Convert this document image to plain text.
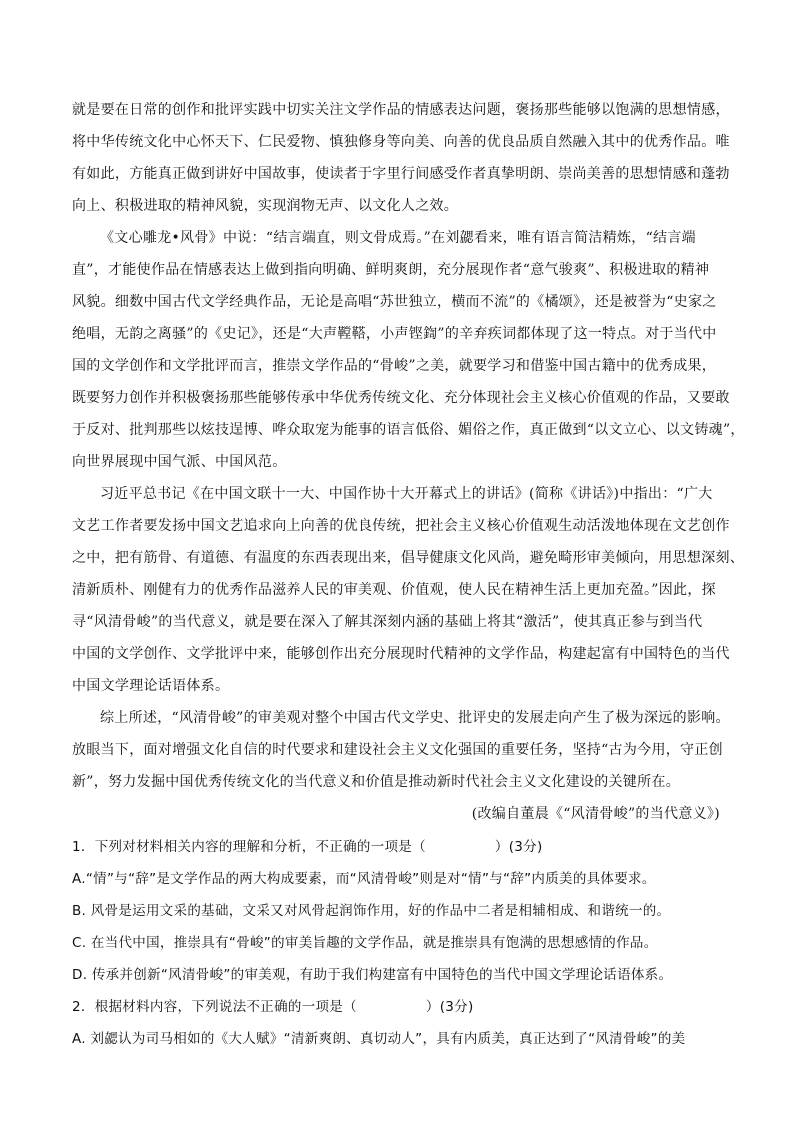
就是要在日常的创作和批评实践中切实关注文学作品的情感表达问题，褒扬那些能够以饱满的思想情感，
将中华传统文化中心怀天下、仁民爱物、慎独修身等向美、向善的优良品质自然融入其中的优秀作品。唯
有如此，方能真正做到讲好中国故事，使读者于字里行间感受作者真挚明朗、崇尚美善的思想情感和蓬勃
向上、积极进取的精神风貌，实现润物无声、以文化人之效。
《文心雕龙•风骨》中说：“结言端直，则文骨成焉。”在刘勰看来，唯有语言简洁精炼，“结言端
直”，才能使作品在情感表达上做到指向明确、鲜明爽朗，充分展现作者“意气骏爽”、积极进取的精神
风貌。细数中国古代文学经典作品，无论是高唱“苏世独立，横而不流”的《橘颂》，还是被誉为“史家之
绝唱，无韵之离骚”的《史记》，还是“大声鞺鞳，小声铿鍧”的辛弃疾词都体现了这一特点。对于当代中
国的文学创作和文学批评而言，推崇文学作品的“骨峻”之美，就要学习和借鉴中国古籍中的优秀成果，
既要努力创作并积极褒扬那些能够传承中华优秀传统文化、充分体现社会主义核心价值观的作品，又要敢
于反对、批判那些以炫技逞博、哗众取宠为能事的语言低俗、媚俗之作，真正做到“以文立心、以文铸魂”，
向世界展现中国气派、中国风范。
习近平总书记《在中国文联十一大、中国作协十大开幕式上的讲话》(简称《讲话》)中指出：“广大
文艺工作者要发扬中国文艺追求向上向善的优良传统，把社会主义核心价值观生动活泼地体现在文艺创作
之中，把有筋骨、有道德、有温度的东西表现出来，倡导健康文化风尚，避免畸形审美倾向，用思想深刻、
清新质朴、刚健有力的优秀作品滋养人民的审美观、价值观，使人民在精神生活上更加充盈。”因此，探
寻“风清骨峻”的当代意义，就是要在深入了解其深刻内涵的基础上将其“激活”，使其真正参与到当代
中国的文学创作、文学批评中来，能够创作出充分展现时代精神的文学作品，构建起富有中国特色的当代
中国文学理论话语体系。
综上所述，“风清骨峻”的审美观对整个中国古代文学史、批评史的发展走向产生了极为深远的影响。
放眼当下，面对增强文化自信的时代要求和建设社会主义文化强国的重要任务，坚持“古为今用，守正创
新”，努力发掘中国优秀传统文化的当代意义和价值是推动新时代社会主义文化建设的关键所在。
(改编自董晨《“风清骨峻”的当代意义》)
1．下列对材料相关内容的理解和分析，不正确的一项是（　　　　　）(3分)
A.“情”与“辞”是文学作品的两大构成要素，而“风清骨峻”则是对“情”与“辞”内质美的具体要求。
B. 风骨是运用文采的基础，文采又对风骨起润饰作用，好的作品中二者是相辅相成、和谐统一的。
C. 在当代中国，推崇具有“骨峻”的审美旨趣的文学作品，就是推崇具有饱满的思想感情的作品。
D. 传承并创新“风清骨峻”的审美观，有助于我们构建富有中国特色的当代中国文学理论话语体系。
2．根据材料内容，下列说法不正确的一项是（　　　　　）(3分)
A. 刘勰认为司马相如的《大人赋》“清新爽朗、真切动人”，具有内质美，真正达到了“风清骨峻”的美
